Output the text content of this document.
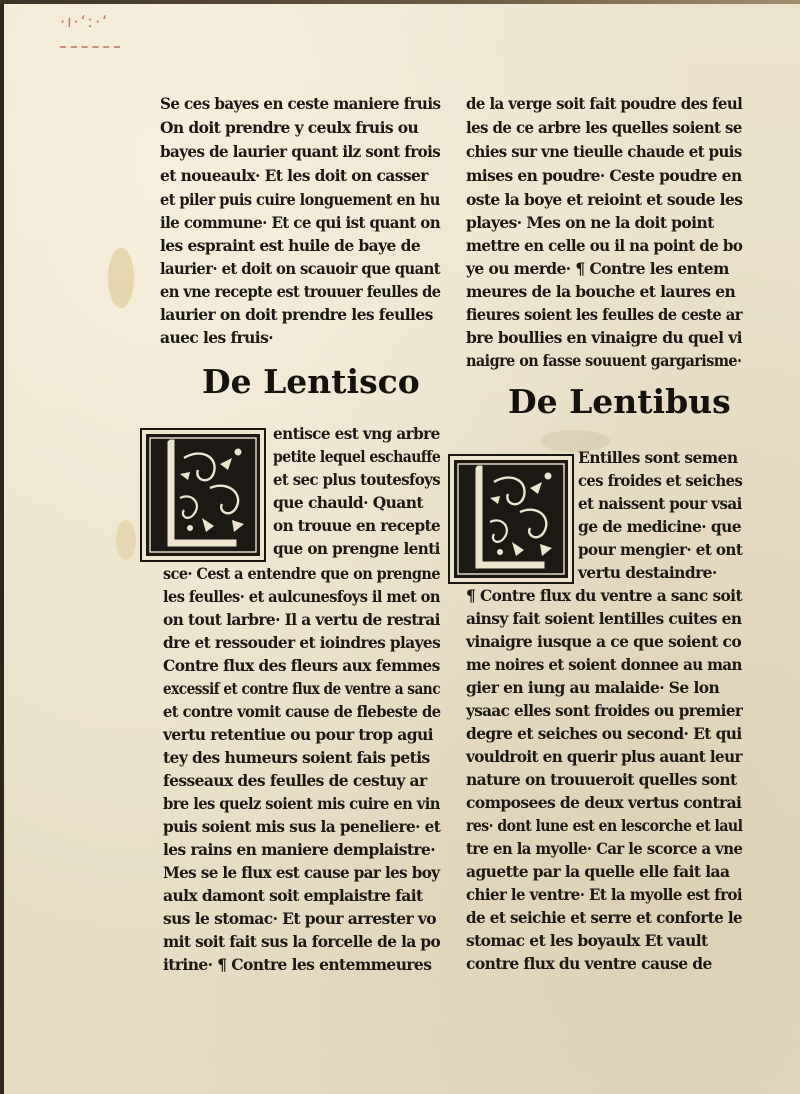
·ı·ʻː·ʻ
Se ces bayes en ceste maniere fruis
On doit prendre y ceulx fruis ou
bayes de laurier quant ilz sont frois
et noueaulx· Et les doit on casser
et piler puis cuire longuement en hu
ile commune· Et ce qui ist quant on
les espraint est huile de baye de
laurier· et doit on scauoir que quant
en vne recepte est trouuer feulles de
laurier on doit prendre les feulles
auec les fruis·
De Lentisco
entisce est vng arbre
petite lequel eschauffe
et sec plus toutesfoys
que chauld· Quant
on trouue en recepte
que on prengne lenti
sce· Cest a entendre que on prengne
les feulles· et aulcunesfoys il met on
on tout larbre· Il a vertu de restrai
dre et ressouder et ioindres playes
Contre flux des fleurs aux femmes
excessif et contre flux de ventre a sanc
et contre vomit cause de flebeste de
vertu retentiue ou pour trop agui
tey des humeurs soient fais petis
fesseaux des feulles de cestuy ar
bre les quelz soient mis cuire en vin
puis soient mis sus la peneliere· et
les rains en maniere demplaistre·
Mes se le flux est cause par les boy
aulx damont soit emplaistre fait
sus le stomac· Et pour arrester vo
mit soit fait sus la forcelle de la po
itrine· ¶ Contre les entemmeures
de la verge soit fait poudre des feul
les de ce arbre les quelles soient se
chies sur vne tieulle chaude et puis
mises en poudre· Ceste poudre en
oste la boye et reioint et soude les
playes· Mes on ne la doit point
mettre en celle ou il na point de bo
ye ou merde· ¶ Contre les entem
meures de la bouche et laures en
fieures soient les feulles de ceste ar
bre boullies en vinaigre du quel vi
naigre on fasse souuent gargarisme·
De Lentibus
Entilles sont semen
ces froides et seiches
et naissent pour vsai
ge de medicine· que
pour mengier· et ont
vertu destaindre·
¶ Contre flux du ventre a sanc soit
ainsy fait soient lentilles cuites en
vinaigre iusque a ce que soient co
me noires et soient donnee au man
gier en iung au malaide· Se lon
ysaac elles sont froides ou premier
degre et seiches ou second· Et qui
vouldroit en querir plus auant leur
nature on trouueroit quelles sont
composees de deux vertus contrai
res· dont lune est en lescorche et laul
tre en la myolle· Car le scorce a vne
aguette par la quelle elle fait laa
chier le ventre· Et la myolle est froi
de et seichie et serre et conforte le
stomac et les boyaulx Et vault
contre flux du ventre cause de
